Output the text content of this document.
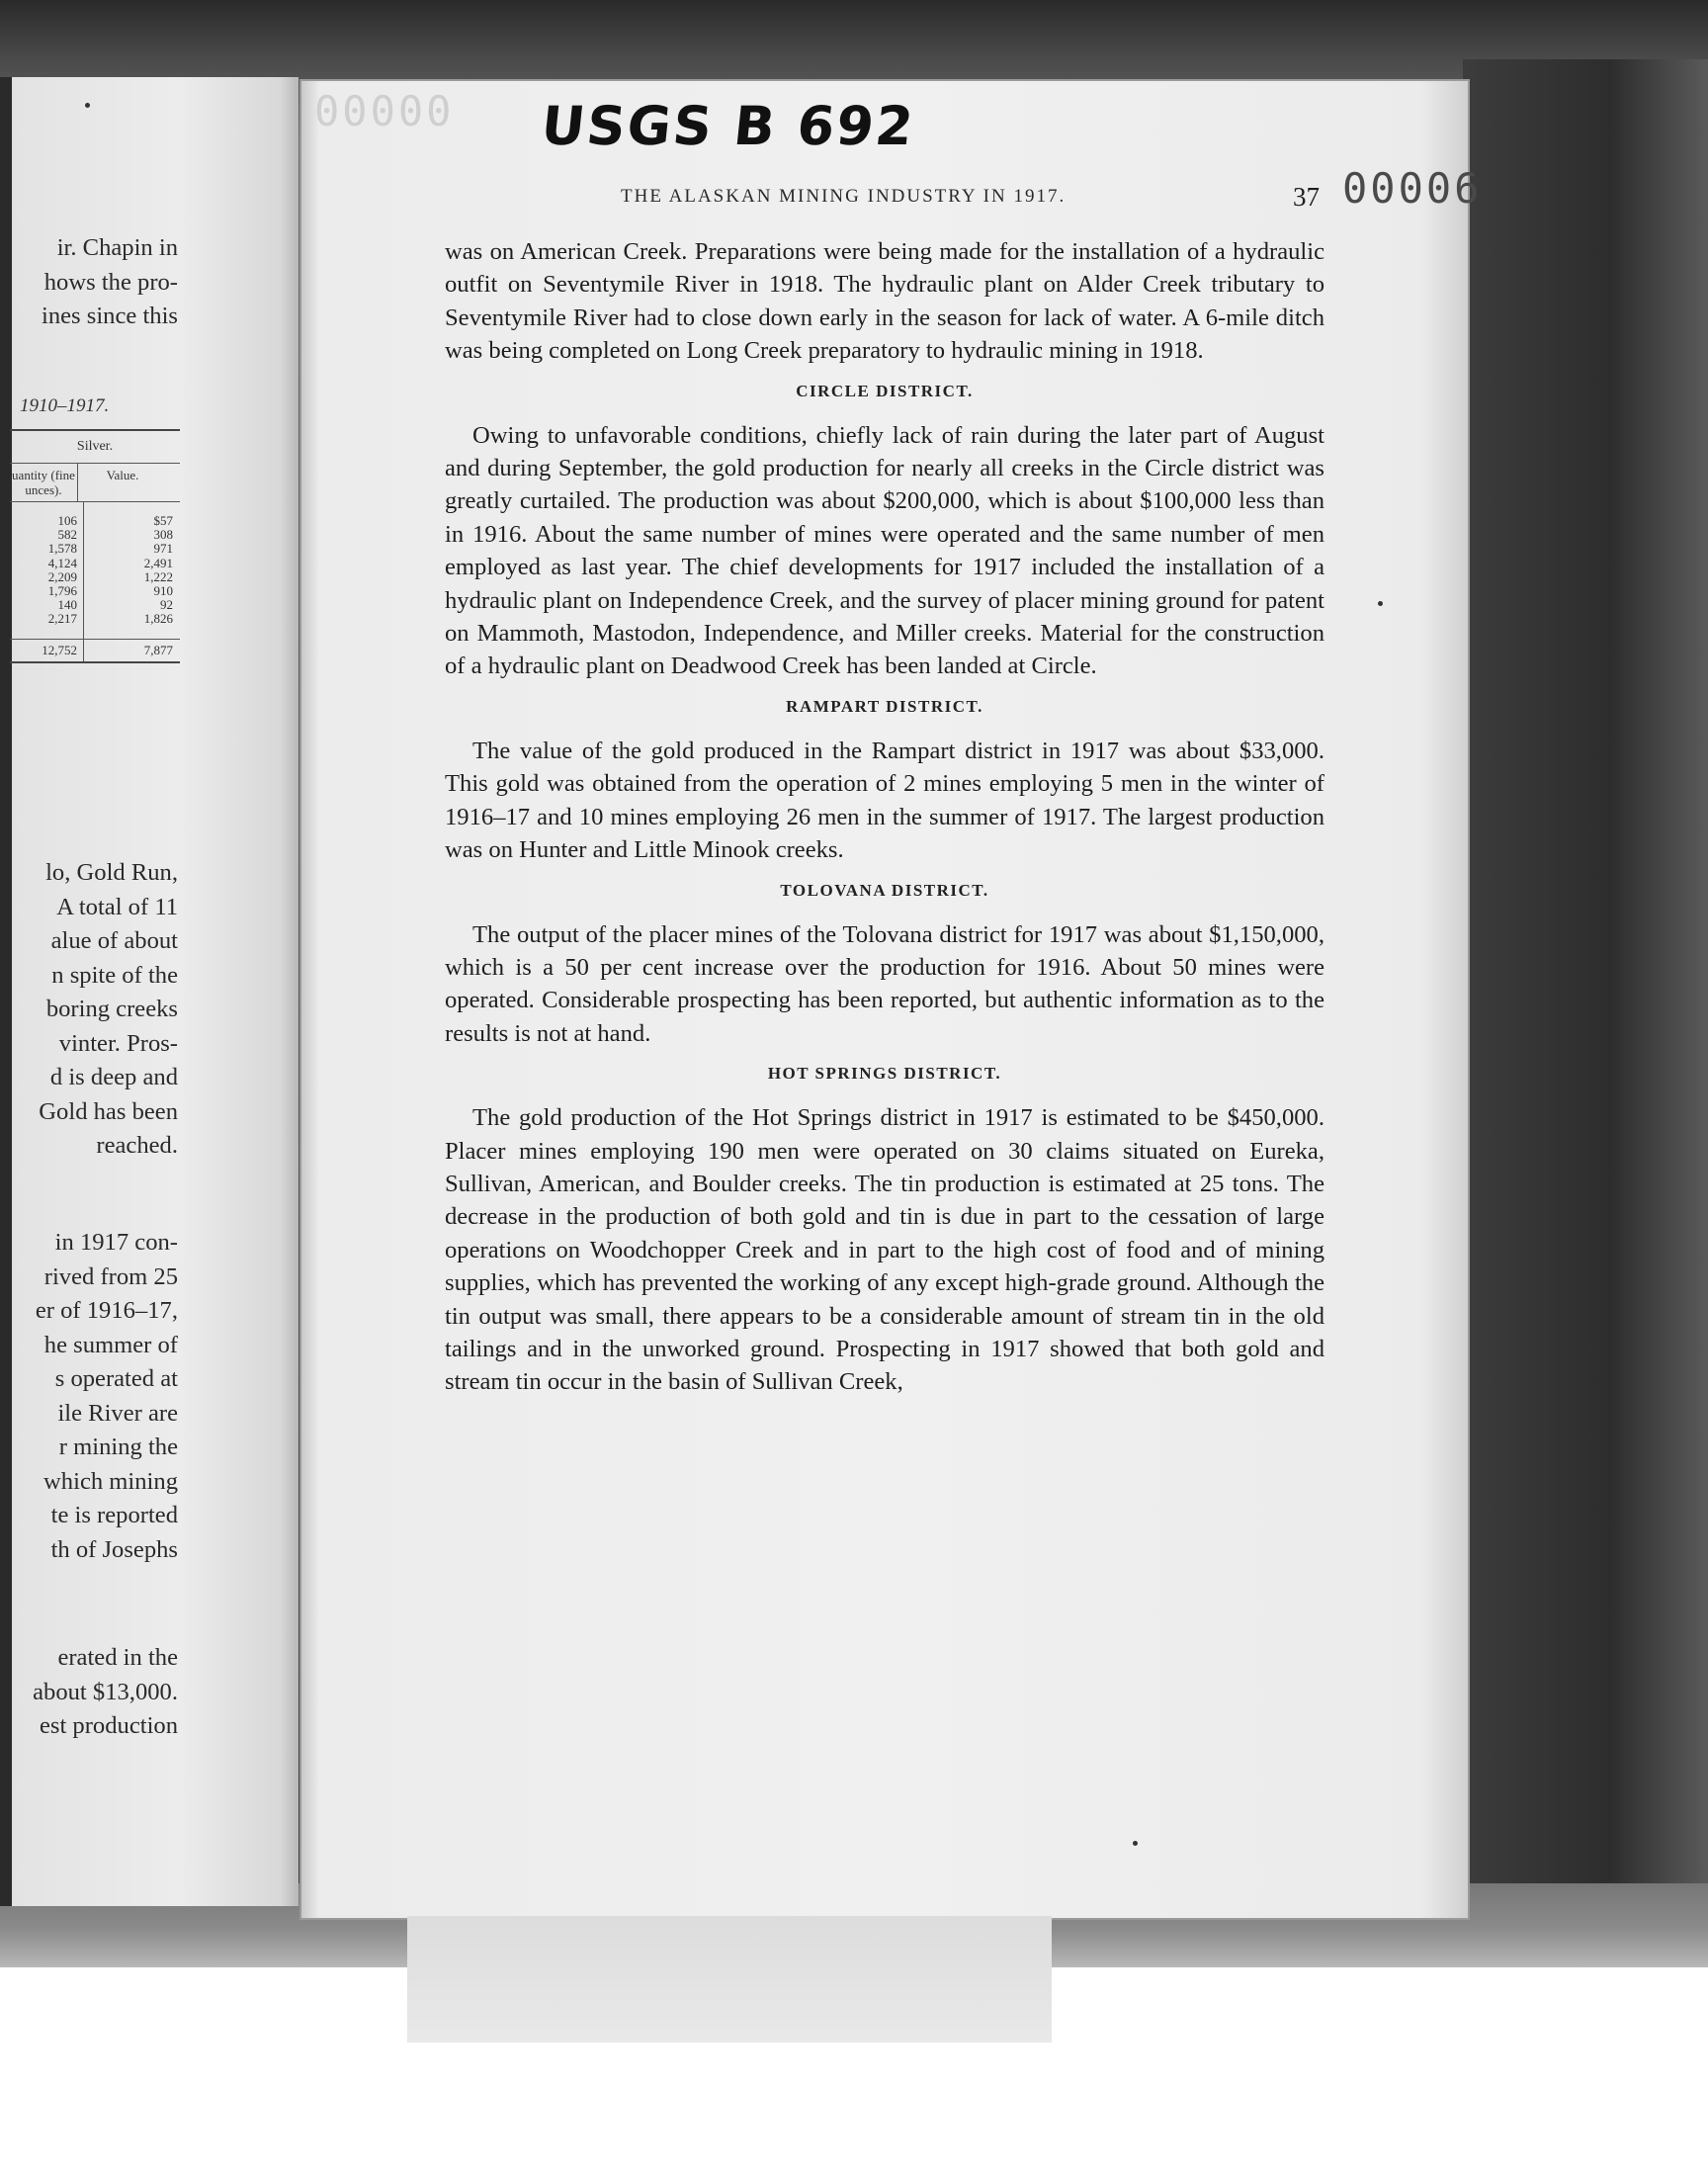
ir. Chapin in
hows the pro-
ines since this
1910–1917.
Silver.
uantity (fine unces).
Value.
106	$57
582	308
1,578	971
4,124	2,491
2,209	1,222
1,796	910
140	92
2,217	1,826
12,752	7,877
lo, Gold Run,
A total of 11
alue of about
n spite of the
boring creeks
vinter. Pros-
d is deep and
Gold has been
reached.
in 1917 con-
rived from 25
er of 1916–17,
he summer of
s operated at
ile River are
r mining the
which mining
te is reported
th of Josephs
erated in the
about $13,000.
est production
00000 USGS B 692
00006
THE ALASKAN MINING INDUSTRY IN 1917.	37

was on American Creek. Preparations were being made for the installation of a hydraulic outfit on Seventymile River in 1918. The hydraulic plant on Alder Creek tributary to Seventymile River had to close down early in the season for lack of water. A 6-mile ditch was being completed on Long Creek preparatory to hydraulic mining in 1918.

CIRCLE DISTRICT.

Owing to unfavorable conditions, chiefly lack of rain during the later part of August and during September, the gold production for nearly all creeks in the Circle district was greatly curtailed. The production was about $200,000, which is about $100,000 less than in 1916. About the same number of mines were operated and the same number of men employed as last year. The chief developments for 1917 included the installation of a hydraulic plant on Independence Creek, and the survey of placer mining ground for patent on Mammoth, Mastodon, Independence, and Miller creeks. Material for the construction of a hydraulic plant on Deadwood Creek has been landed at Circle.

RAMPART DISTRICT.

The value of the gold produced in the Rampart district in 1917 was about $33,000. This gold was obtained from the operation of 2 mines employing 5 men in the winter of 1916–17 and 10 mines employing 26 men in the summer of 1917. The largest production was on Hunter and Little Minook creeks.

TOLOVANA DISTRICT.

The output of the placer mines of the Tolovana district for 1917 was about $1,150,000, which is a 50 per cent increase over the production for 1916. About 50 mines were operated. Considerable prospecting has been reported, but authentic information as to the results is not at hand.

HOT SPRINGS DISTRICT.

The gold production of the Hot Springs district in 1917 is estimated to be $450,000. Placer mines employing 190 men were operated on 30 claims situated on Eureka, Sullivan, American, and Boulder creeks. The tin production is estimated at 25 tons. The decrease in the production of both gold and tin is due in part to the cessation of large operations on Woodchopper Creek and in part to the high cost of food and of mining supplies, which has prevented the working of any except high-grade ground. Although the tin output was small, there appears to be a considerable amount of stream tin in the old tailings and in the unworked ground. Prospecting in 1917 showed that both gold and stream tin occur in the basin of Sullivan Creek,
